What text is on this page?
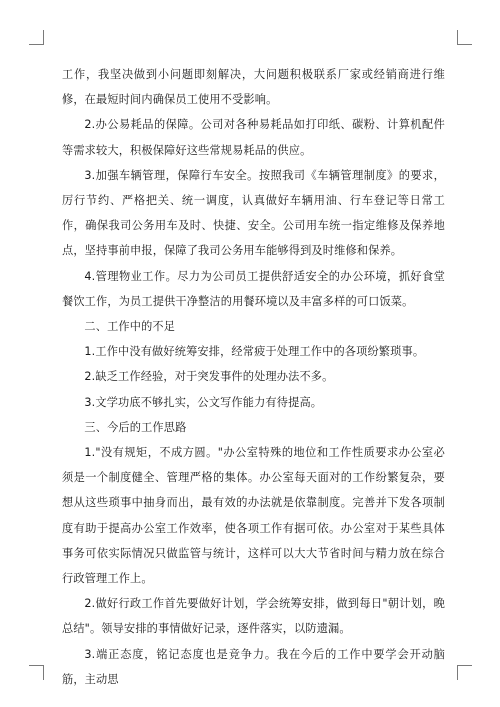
工作，我坚决做到小问题即刻解决，大问题积极联系厂家或经销商进行维修，在最短时间内确保员工使用不受影响。

2.办公易耗品的保障。公司对各种易耗品如打印纸、碳粉、计算机配件等需求较大，积极保障好这些常规易耗品的供应。

3.加强车辆管理，保障行车安全。按照我司《车辆管理制度》的要求，厉行节约、严格把关、统一调度，认真做好车辆用油、行车登记等日常工作，确保我司公务用车及时、快捷、安全。公司用车统一指定维修及保养地点，坚持事前申报，保障了我司公务用车能够得到及时维修和保养。

4.管理物业工作。尽力为公司员工提供舒适安全的办公环境，抓好食堂餐饮工作，为员工提供干净整洁的用餐环境以及丰富多样的可口饭菜。

二、工作中的不足

1.工作中没有做好统筹安排，经常疲于处理工作中的各项纷繁琐事。

2.缺乏工作经验，对于突发事件的处理办法不多。

3.文学功底不够扎实，公文写作能力有待提高。

三、今后的工作思路

1."没有规矩，不成方圆。"办公室特殊的地位和工作性质要求办公室必须是一个制度健全、管理严格的集体。办公室每天面对的工作纷繁复杂，要想从这些琐事中抽身而出，最有效的办法就是依靠制度。完善并下发各项制度有助于提高办公室工作效率，使各项工作有据可依。办公室对于某些具体事务可依实际情况只做监管与统计，这样可以大大节省时间与精力放在综合行政管理工作上。

2.做好行政工作首先要做好计划，学会统筹安排，做到每日"朝计划，晚总结"。领导安排的事情做好记录，逐件落实，以防遗漏。

3.端正态度，铭记态度也是竞争力。我在今后的工作中要学会开动脑筋，主动思
